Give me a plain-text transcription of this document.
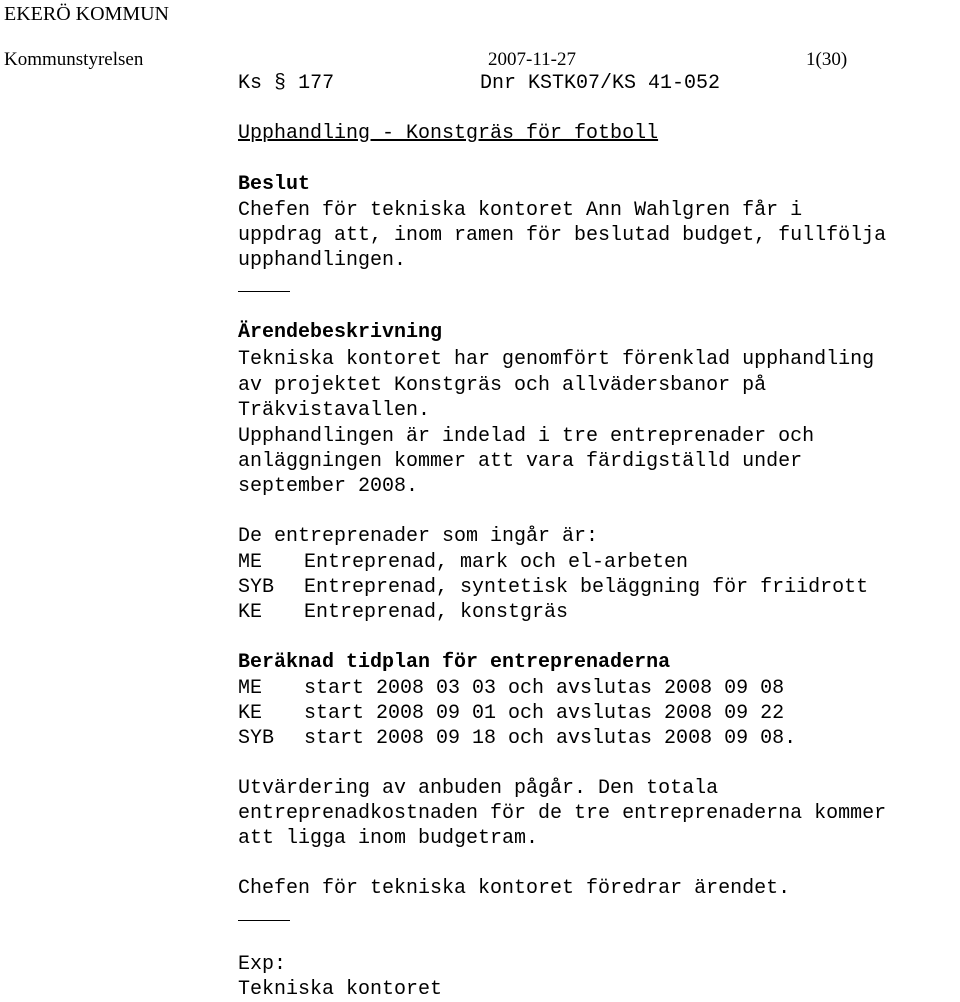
EKERÖ KOMMUN
Kommunstyrelsen	2007-11-27	1(30)
Ks § 177	Dnr KSTK07/KS 41-052
Upphandling - Konstgräs för fotboll
Beslut
Chefen för tekniska kontoret Ann Wahlgren får i
uppdrag att, inom ramen för beslutad budget, fullfölja
upphandlingen.
Ärendebeskrivning
Tekniska kontoret har genomfört förenklad upphandling
av projektet Konstgräs och allvädersbanor på
Träkvistavallen.
Upphandlingen är indelad i tre entreprenader och
anläggningen kommer att vara färdigställd under
september 2008.
De entreprenader som ingår är:
ME Entreprenad, mark och el-arbeten
SYB Entreprenad, syntetisk beläggning för friidrott
KE Entreprenad, konstgräs
Beräknad tidplan för entreprenaderna
ME start 2008 03 03 och avslutas 2008 09 08
KE start 2008 09 01 och avslutas 2008 09 22
SYB start 2008 09 18 och avslutas 2008 09 08.
Utvärdering av anbuden pågår. Den totala
entreprenadkostnaden för de tre entreprenaderna kommer
att ligga inom budgetram.
Chefen för tekniska kontoret föredrar ärendet.
Exp:
Tekniska kontoret
